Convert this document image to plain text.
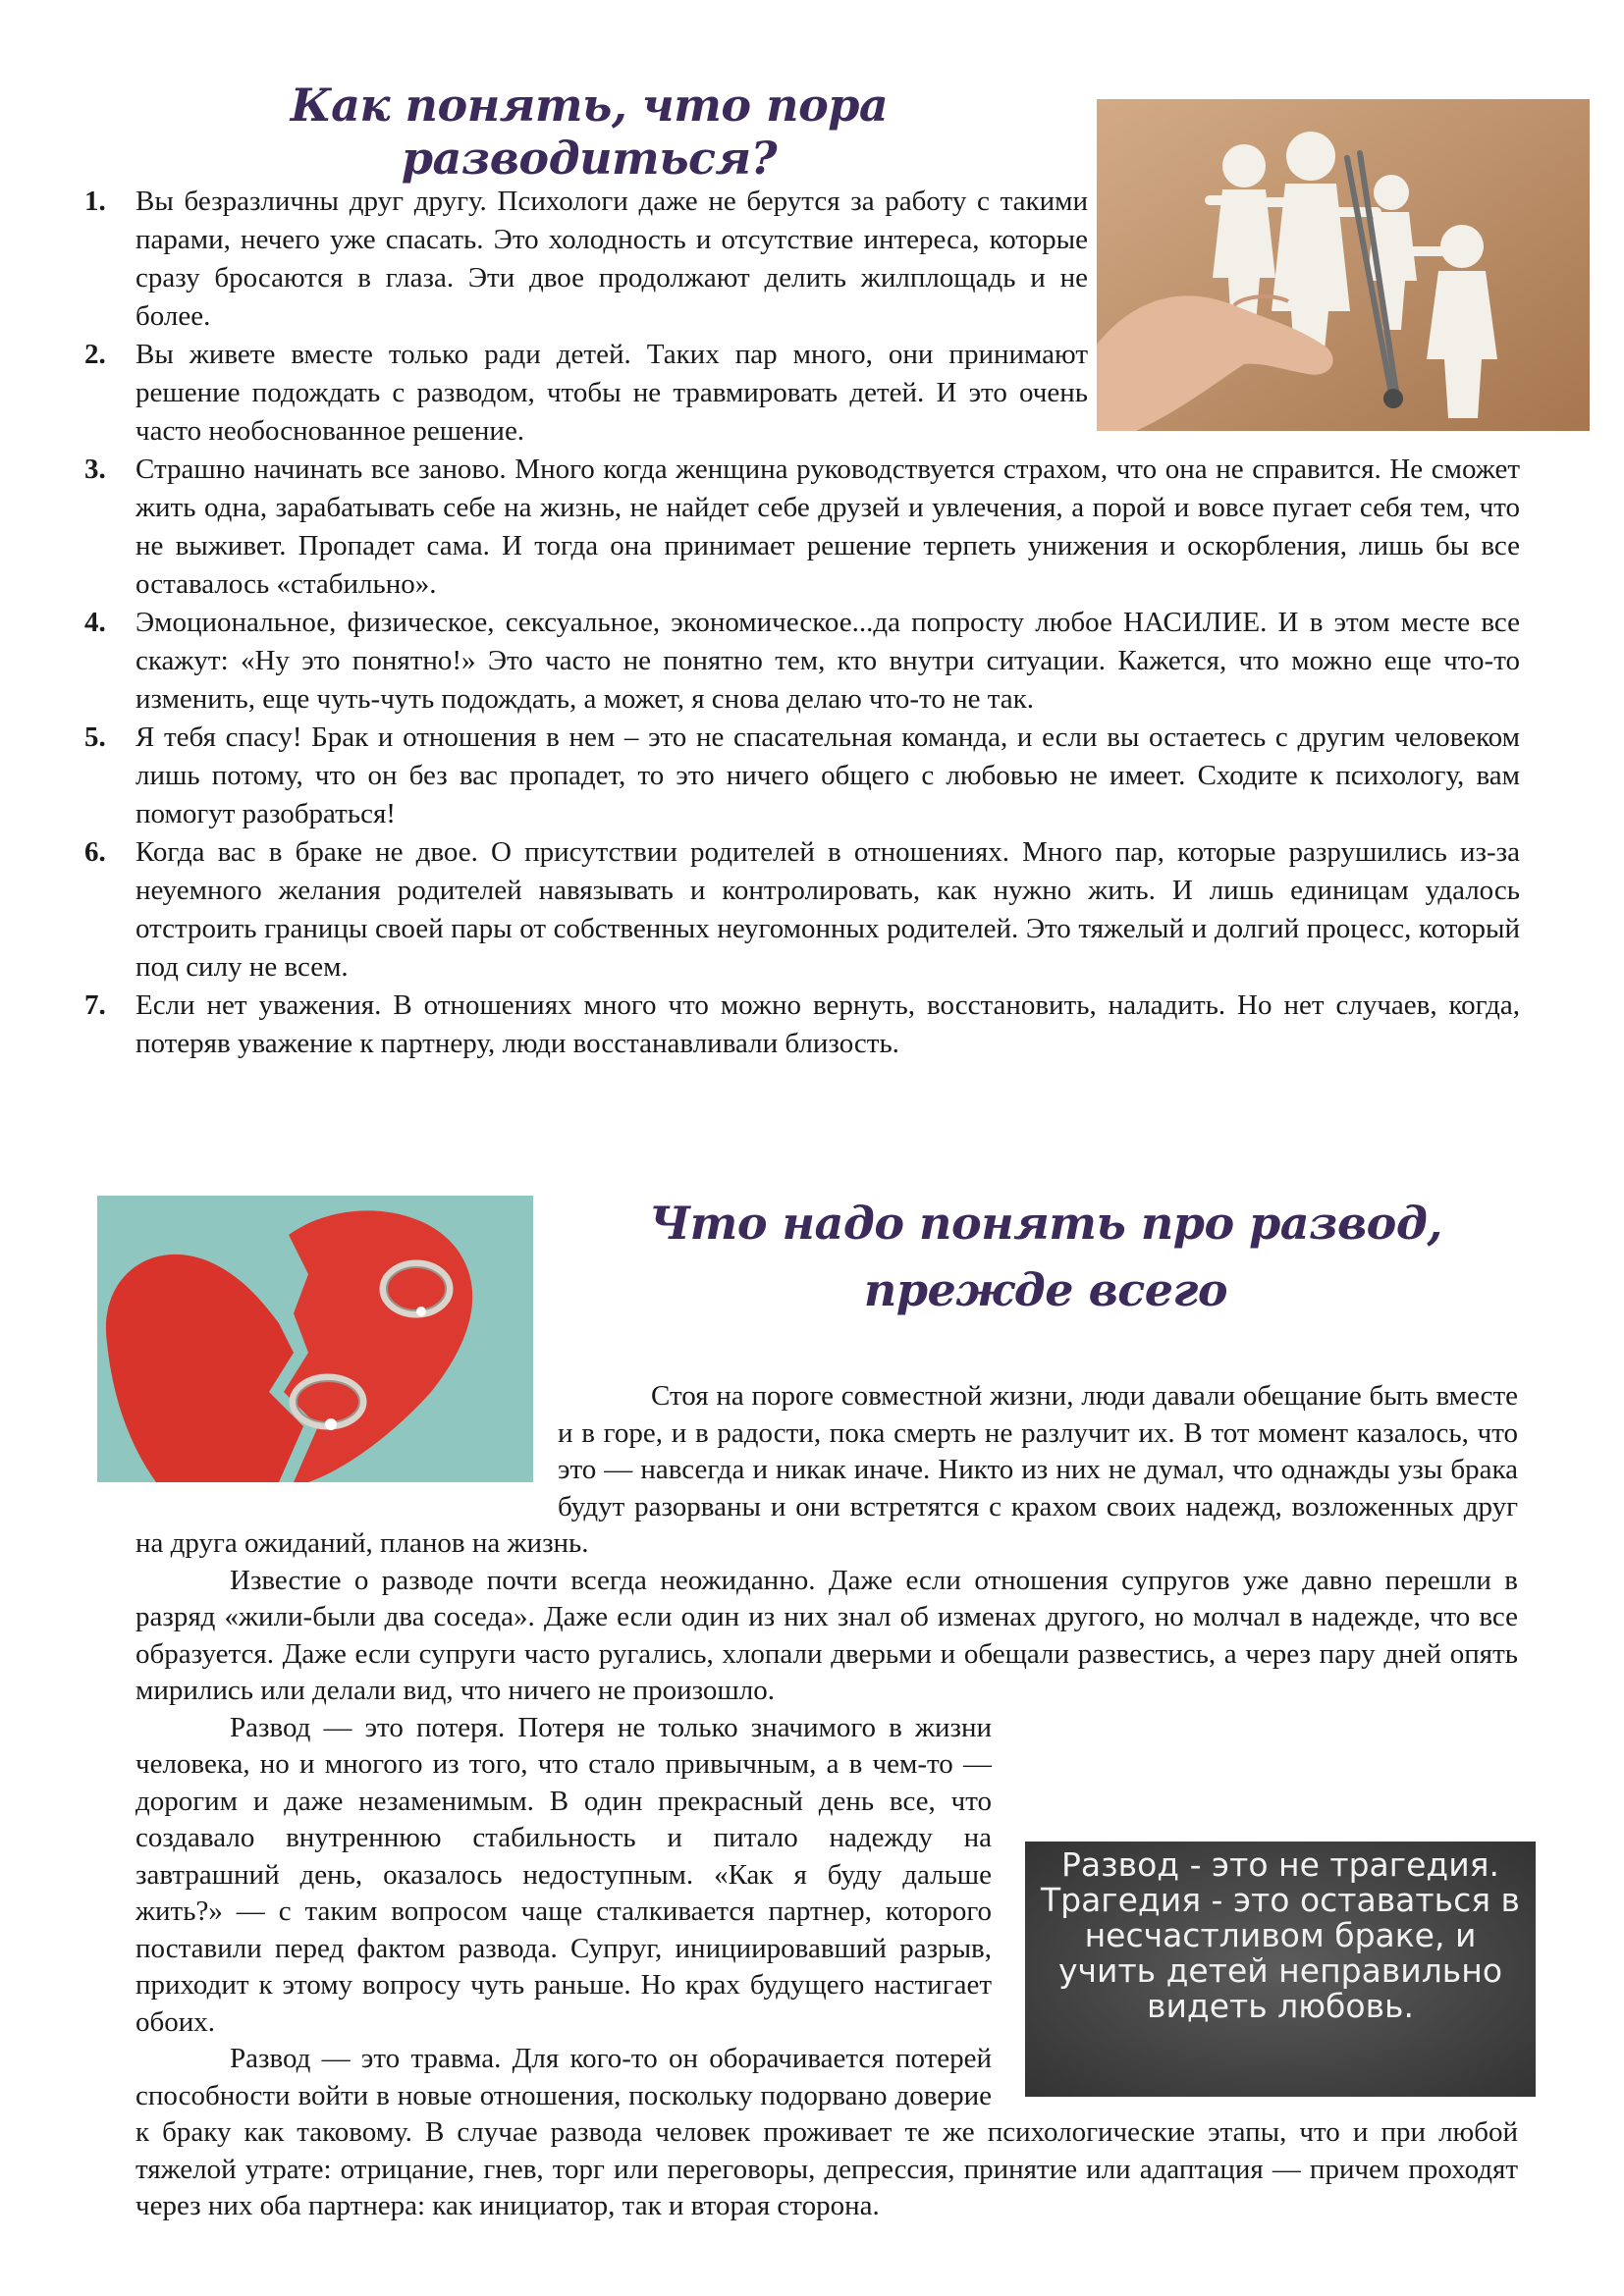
Как понять, что пора разводиться?
1. Вы безразличны друг другу. Психологи даже не берутся за работу с такими парами, нечего уже спасать. Это холодность и отсутствие интереса, которые сразу бросаются в глаза. Эти двое продолжают делить жилплощадь и не более.
2. Вы живете вместе только ради детей. Таких пар много, они принимают решение подождать с разводом, чтобы не травмировать детей. И это очень часто необоснованное решение.
3. Страшно начинать все заново. Много когда женщина руководствуется страхом, что она не справится. Не сможет жить одна, зарабатывать себе на жизнь, не найдет себе друзей и увлечения, а порой и вовсе пугает себя тем, что не выживет. Пропадет сама. И тогда она принимает решение терпеть унижения и оскорбления, лишь бы все оставалось «стабильно».
4. Эмоциональное, физическое, сексуальное, экономическое...да попросту любое НАСИЛИЕ. И в этом месте все скажут: «Ну это понятно!» Это часто не понятно тем, кто внутри ситуации. Кажется, что можно еще что-то изменить, еще чуть-чуть подождать, а может, я снова делаю что-то не так.
5. Я тебя спасу! Брак и отношения в нем – это не спасательная команда, и если вы остаетесь с другим человеком лишь потому, что он без вас пропадет, то это ничего общего с любовью не имеет. Сходите к психологу, вам помогут разобраться!
6. Когда вас в браке не двое. О присутствии родителей в отношениях. Много пар, которые разрушились из-за неуемного желания родителей навязывать и контролировать, как нужно жить. И лишь единицам удалось отстроить границы своей пары от собственных неугомонных родителей. Это тяжелый и долгий процесс, который под силу не всем.
7. Если нет уважения. В отношениях много что можно вернуть, восстановить, наладить. Но нет случаев, когда, потеряв уважение к партнеру, люди восстанавливали близость.
Что надо понять про развод,
прежде всего
Развод - это не трагедия. Трагедия - это оставаться в несчастливом браке, и учить детей неправильно видеть любовь.

Стоя на пороге совместной жизни, люди давали обещание быть вместе и в горе, и в радости, пока смерть не разлучит их. В тот момент казалось, что это — навсегда и никак иначе. Никто из них не думал, что однажды узы брака будут разорваны и они встретятся с крахом своих надежд, возложенных друг на друга ожиданий, планов на жизнь.

Известие о разводе почти всегда неожиданно. Даже если отношения супругов уже давно перешли в разряд «жили-были два соседа». Даже если один из них знал об изменах другого, но молчал в надежде, что все образуется. Даже если супруги часто ругались, хлопали дверьми и обещали развестись, а через пару дней опять мирились или делали вид, что ничего не произошло.

Развод — это потеря. Потеря не только значимого в жизни человека, но и многого из того, что стало привычным, а в чем-то — дорогим и даже незаменимым. В один прекрасный день все, что создавало внутреннюю стабильность и питало надежду на завтрашний день, оказалось недоступным. «Как я буду дальше жить?» — с таким вопросом чаще сталкивается партнер, которого поставили перед фактом развода. Супруг, инициировавший разрыв, приходит к этому вопросу чуть раньше. Но крах будущего настигает обоих.

Развод — это травма. Для кого-то он оборачивается потерей способности войти в новые отношения, поскольку подорвано доверие к браку как таковому. В случае развода человек проживает те же психологические этапы, что и при любой тяжелой утрате: отрицание, гнев, торг или переговоры, депрессия, принятие или адаптация — причем проходят через них оба партнера: как инициатор, так и вторая сторона.
